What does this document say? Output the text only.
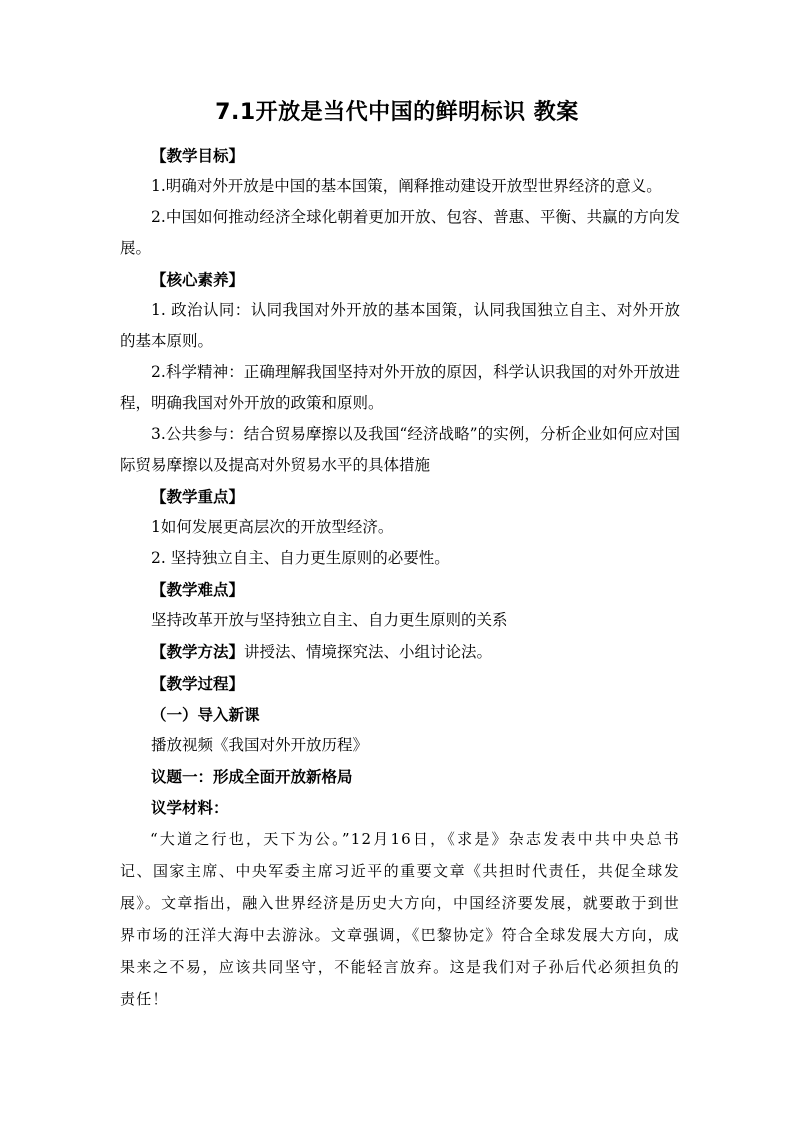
7.1开放是当代中国的鲜明标识 教案
【教学目标】
1.明确对外开放是中国的基本国策，阐释推动建设开放型世界经济的意义。
2.中国如何推动经济全球化朝着更加开放、包容、普惠、平衡、共赢的方向发展。
【核心素养】
1. 政治认同：认同我国对外开放的基本国策，认同我国独立自主、对外开放的基本原则。
2.科学精神：正确理解我国坚持对外开放的原因，科学认识我国的对外开放进程，明确我国对外开放的政策和原则。
3.公共参与：结合贸易摩擦以及我国“经济战略”的实例，分析企业如何应对国际贸易摩擦以及提高对外贸易水平的具体措施
【教学重点】
1如何发展更高层次的开放型经济。
2. 坚持独立自主、自力更生原则的必要性。
【教学难点】
坚持改革开放与坚持独立自主、自力更生原则的关系
【教学方法】讲授法、情境探究法、小组讨论法。
【教学过程】
（一）导入新课
播放视频《我国对外开放历程》
议题一：形成全面开放新格局
议学材料：
“大道之行也，天下为公。”12月16日，《求是》杂志发表中共中央总书记、国家主席、中央军委主席习近平的重要文章《共担时代责任，共促全球发展》。文章指出，融入世界经济是历史大方向，中国经济要发展，就要敢于到世界市场的汪洋大海中去游泳。文章强调，《巴黎协定》符合全球发展大方向，成果来之不易，应该共同坚守，不能轻言放弃。这是我们对子孙后代必须担负的责任！
